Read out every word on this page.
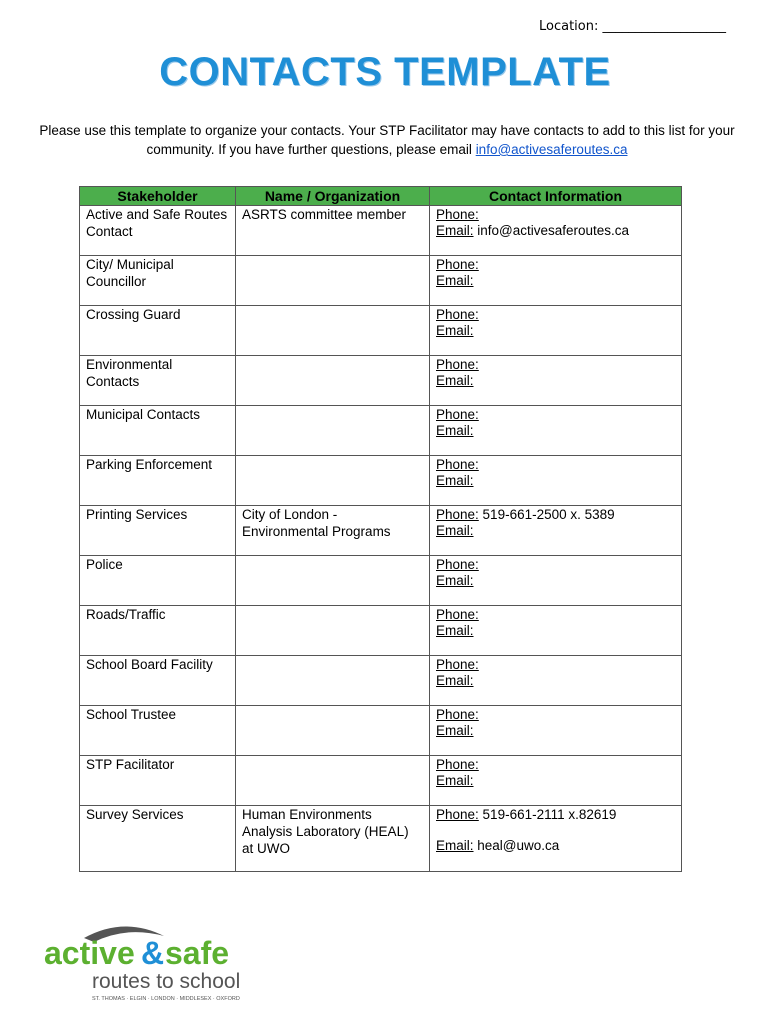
Location: ___________________
CONTACTS TEMPLATE
Please use this template to organize your contacts. Your STP Facilitator may have contacts to add to this list for your community. If you have further questions, please email info@activesaferoutes.ca
Stakeholder	Name / Organization	Contact Information
Active and Safe Routes Contact	ASRTS committee member	Phone:
Email: info@activesaferoutes.ca

City/ Municipal Councillor		Phone:
Email:

Crossing Guard		Phone:
Email:

Environmental Contacts		Phone:
Email:

Municipal Contacts		Phone:
Email:

Parking Enforcement		Phone:
Email:

Printing Services	City of London - Environmental Programs	Phone: 519-661-2500 x. 5389
Email:

Police		Phone:
Email:

Roads/Traffic		Phone:
Email:

School Board Facility		Phone:
Email:

School Trustee		Phone:
Email:

STP Facilitator		Phone:
Email:

Survey Services	Human Environments Analysis Laboratory (HEAL) at UWO	Phone: 519-661-2111 x.82619
Email: heal@uwo.ca
active & safe
routes to school
ST. THOMAS · ELGIN · LONDON · MIDDLESEX · OXFORD
